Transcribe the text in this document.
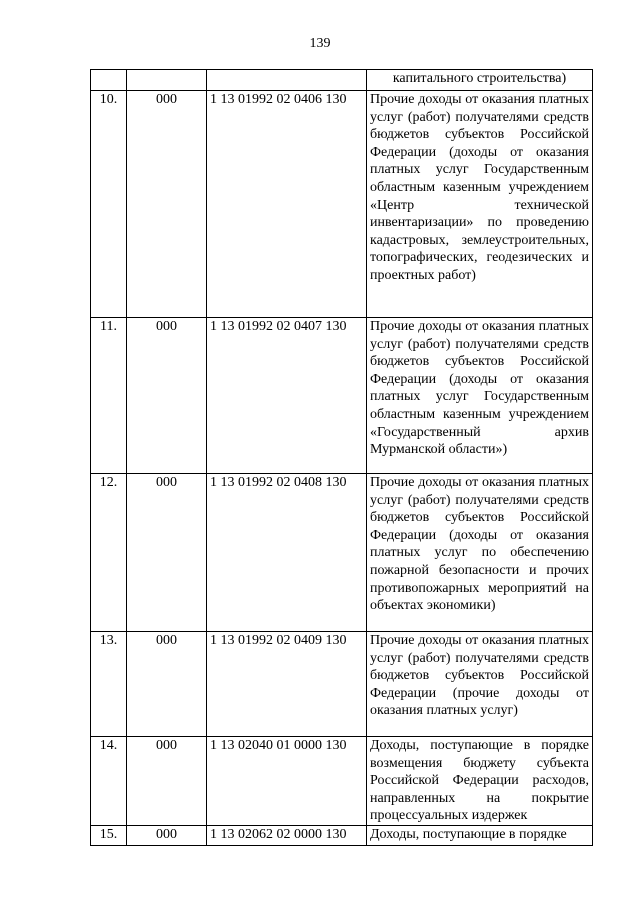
139
			капитального строительства)
10.	000	1 13 01992 02 0406 130	Прочие доходы от оказания платных услуг (работ) получателями средств бюджетов субъектов Российской Федерации (доходы от оказания платных услуг Государственным областным казенным учреждением «Центр технической инвентаризации» по проведению кадастровых, землеустроительных, топографических, геодезических и проектных работ)
11.	000	1 13 01992 02 0407 130	Прочие доходы от оказания платных услуг (работ) получателями средств бюджетов субъектов Российской Федерации (доходы от оказания платных услуг Государственным областным казенным учреждением «Государственный архив Мурманской области»)
12.	000	1 13 01992 02 0408 130	Прочие доходы от оказания платных услуг (работ) получателями средств бюджетов субъектов Российской Федерации (доходы от оказания платных услуг по обеспечению пожарной безопасности и прочих противопожарных мероприятий на объектах экономики)
13.	000	1 13 01992 02 0409 130	Прочие доходы от оказания платных услуг (работ) получателями средств бюджетов субъектов Российской Федерации (прочие доходы от оказания платных услуг)
14.	000	1 13 02040 01 0000 130	Доходы, поступающие в порядке возмещения бюджету субъекта Российской Федерации расходов, направленных на покрытие процессуальных издержек
15.	000	1 13 02062 02 0000 130	Доходы, поступающие в порядке
